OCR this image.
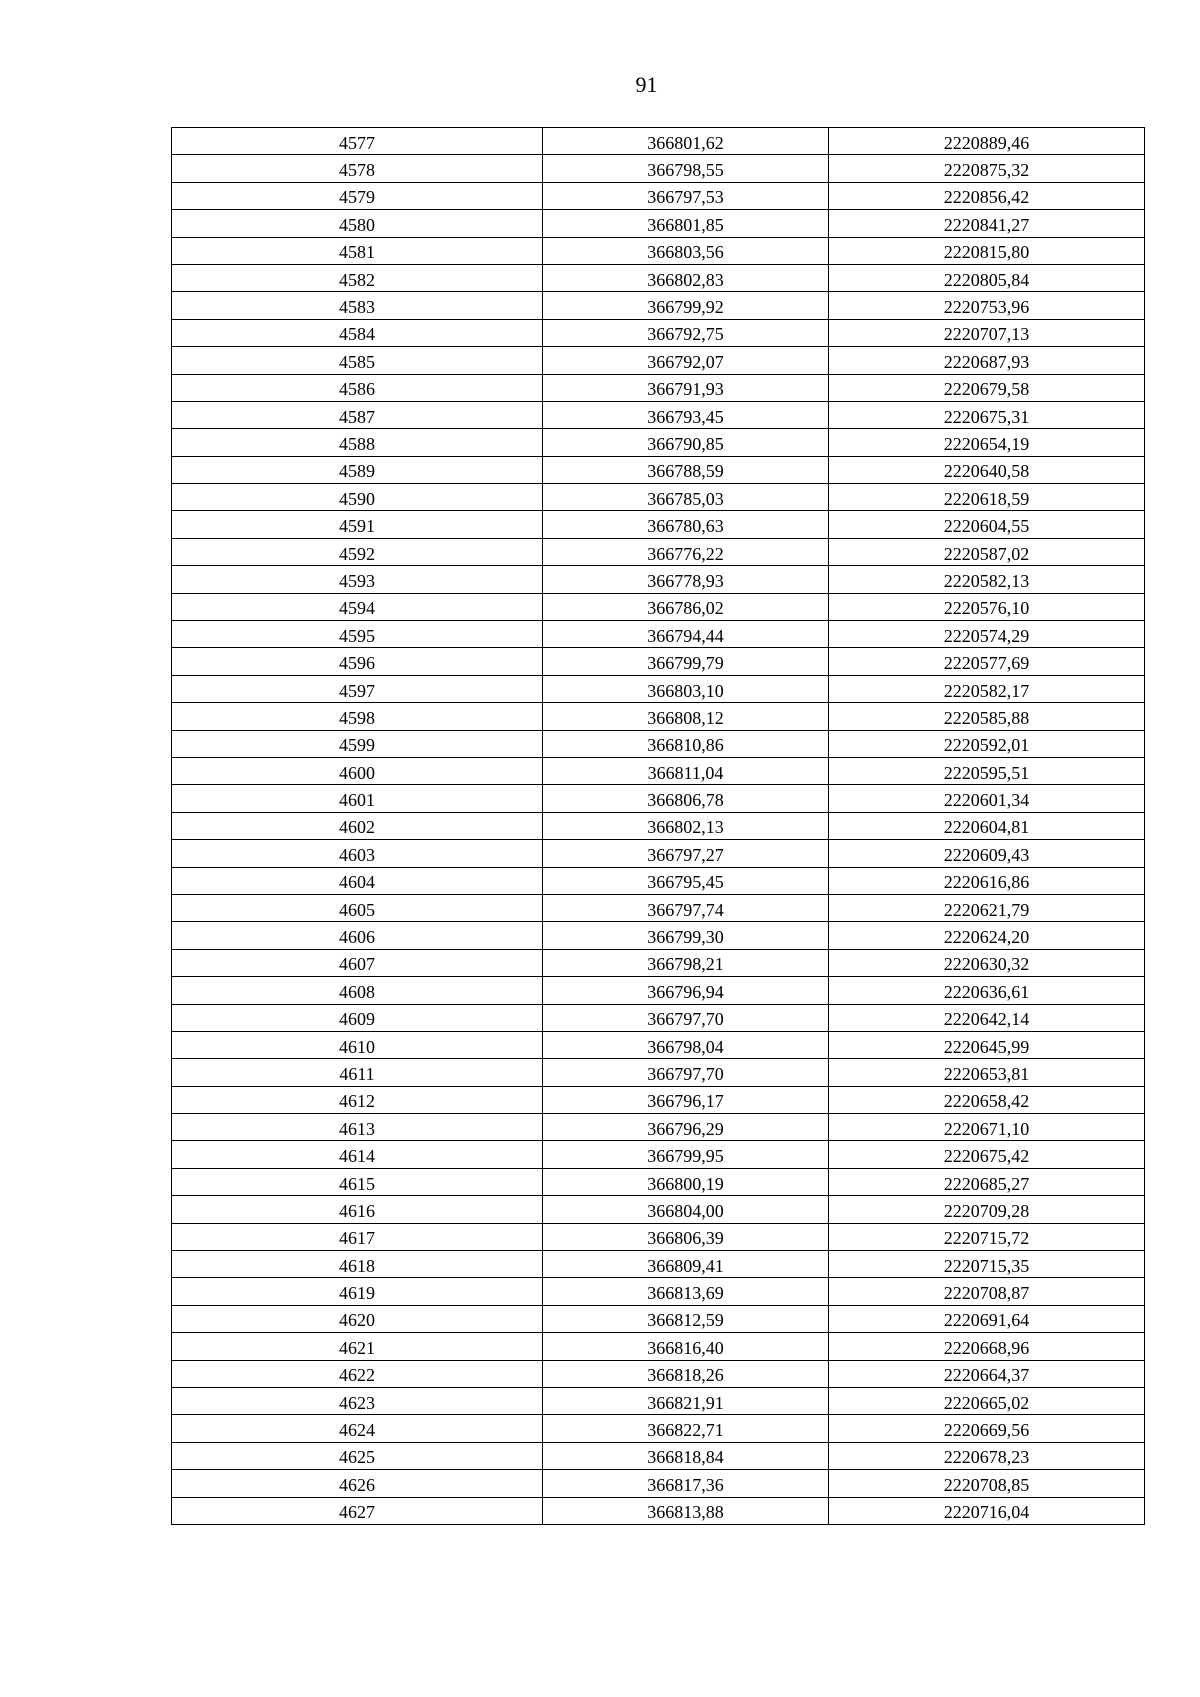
91
4577	366801,62	2220889,46
4578	366798,55	2220875,32
4579	366797,53	2220856,42
4580	366801,85	2220841,27
4581	366803,56	2220815,80
4582	366802,83	2220805,84
4583	366799,92	2220753,96
4584	366792,75	2220707,13
4585	366792,07	2220687,93
4586	366791,93	2220679,58
4587	366793,45	2220675,31
4588	366790,85	2220654,19
4589	366788,59	2220640,58
4590	366785,03	2220618,59
4591	366780,63	2220604,55
4592	366776,22	2220587,02
4593	366778,93	2220582,13
4594	366786,02	2220576,10
4595	366794,44	2220574,29
4596	366799,79	2220577,69
4597	366803,10	2220582,17
4598	366808,12	2220585,88
4599	366810,86	2220592,01
4600	366811,04	2220595,51
4601	366806,78	2220601,34
4602	366802,13	2220604,81
4603	366797,27	2220609,43
4604	366795,45	2220616,86
4605	366797,74	2220621,79
4606	366799,30	2220624,20
4607	366798,21	2220630,32
4608	366796,94	2220636,61
4609	366797,70	2220642,14
4610	366798,04	2220645,99
4611	366797,70	2220653,81
4612	366796,17	2220658,42
4613	366796,29	2220671,10
4614	366799,95	2220675,42
4615	366800,19	2220685,27
4616	366804,00	2220709,28
4617	366806,39	2220715,72
4618	366809,41	2220715,35
4619	366813,69	2220708,87
4620	366812,59	2220691,64
4621	366816,40	2220668,96
4622	366818,26	2220664,37
4623	366821,91	2220665,02
4624	366822,71	2220669,56
4625	366818,84	2220678,23
4626	366817,36	2220708,85
4627	366813,88	2220716,04
